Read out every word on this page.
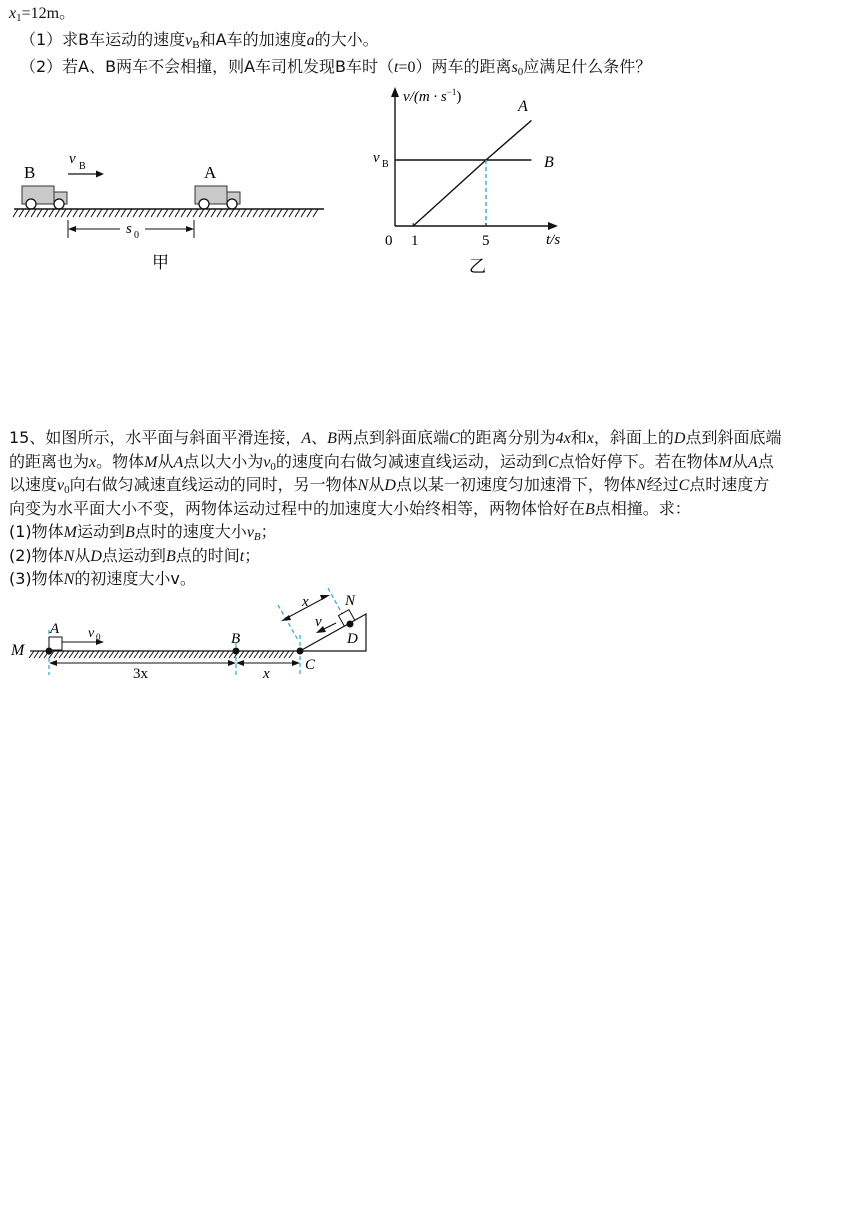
$x_1=12m$。
（1）求B车运动的速度$v_B$和A车的加速度a的大小。
（2）若A、B两车不会相撞，则A车司机发现B车时（t=0）两车的距离$s_0$应满足什么条件？
B
v B	A
s 0
甲
$v/(m \cdot s^{-1})$
t/s
0
v B
A
B
1	5
乙
15、如图所示，水平面与斜面平滑连接，A、B两点到斜面底端C的距离分别为4x和x，斜面上的D点到斜面底端
的距离也为x。物体M从A点以大小为$v_0$的速度向右做匀减速直线运动，运动到C点恰好停下。若在物体M从A点
以速度$v_0$向右做匀减速直线运动的同时，另一物体N从D点以某一初速度匀加速滑下，物体N经过C点时速度方
向变为水平面大小不变，两物体运动过程中的加速度大小始终相等，两物体恰好在B点相撞。求：
(1)物体M运动到B点时的速度大小$v_B$；
(2)物体N从D点运动到B点的时间t；
(3)物体N的初速度大小v。
M
A v 0	B
C
D
N
v
x
3x	x
